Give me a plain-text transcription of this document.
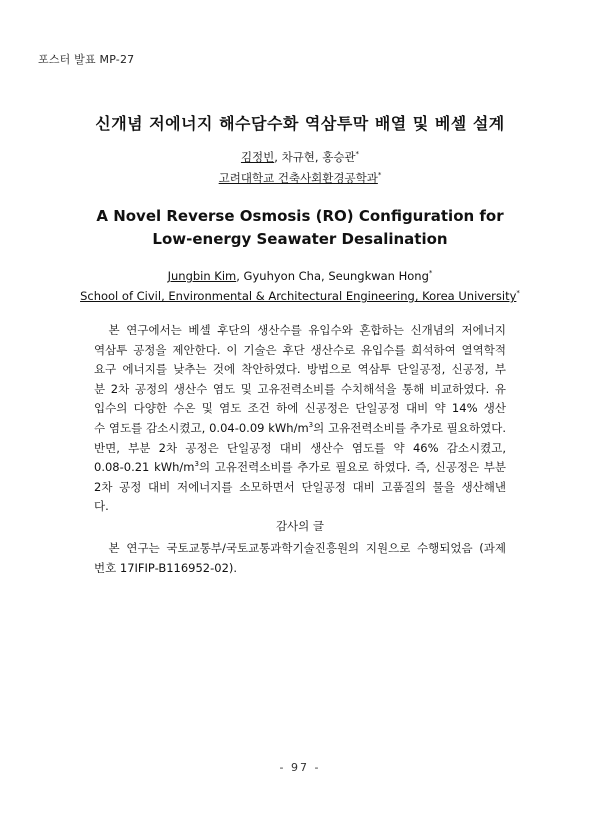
포스터 발표 MP-27
신개념 저에너지 해수담수화 역삼투막 배열 및 베셀 설계
김정빈, 차규현, 홍승관*
고려대학교 건축사회환경공학과*
A Novel Reverse Osmosis (RO) Configuration for
Low-energy Seawater Desalination
Jungbin Kim, Gyuhyon Cha, Seungkwan Hong*
School of Civil, Environmental & Architectural Engineering, Korea University*
　본 연구에서는 베셀 후단의 생산수를 유입수와 혼합하는 신개념의 저에너지
역삼투 공정을 제안한다. 이 기술은 후단 생산수로 유입수를 희석하여 열역학적
요구 에너지를 낮추는 것에 착안하였다. 방법으로 역삼투 단일공정, 신공정, 부
분 2차 공정의 생산수 염도 및 고유전력소비를 수치해석을 통해 비교하였다. 유
입수의 다양한 수온 및 염도 조건 하에 신공정은 단일공정 대비 약 14% 생산
수 염도를 감소시켰고, 0.04-0.09 kWh/$m^3$의 고유전력소비를 추가로 필요하였다.
반면, 부분 2차 공정은 단일공정 대비 생산수 염도를 약 46% 감소시켰고,
0.08-0.21 kWh/$m^3$의 고유전력소비를 추가로 필요로 하였다. 즉, 신공정은 부분
2차 공정 대비 저에너지를 소모하면서 단일공정 대비 고품질의 물을 생산해낸
다.
감사의 글
　본 연구는 국토교통부/국토교통과학기술진흥원의 지원으로 수행되었음 (과제
번호 17IFIP-B116952-02).
- 97 -
